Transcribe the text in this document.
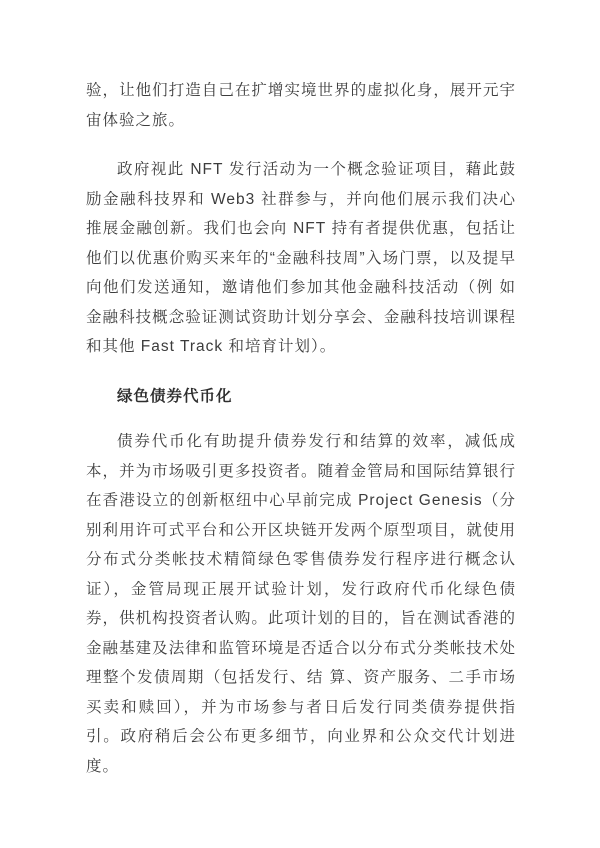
验，让他们打造自己在扩增实境世界的虚拟化身，展开元宇宙体验之旅。

政府视此 NFT 发行活动为一个概念验证项目，藉此鼓励金融科技界和 Web3 社群参与，并向他们展示我们决心推展金融创新。我们也会向 NFT 持有者提供优惠，包括让他们以优惠价购买来年的“金融科技周”入场门票，以及提早向他们发送通知，邀请他们参加其他金融科技活动（例 如金融科技概念验证测试资助计划分享会、金融科技培训课程和其他 Fast Track 和培育计划）。

绿色债券代币化

债券代币化有助提升债券发行和结算的效率，减低成本，并为市场吸引更多投资者。随着金管局和国际结算银行在香港设立的创新枢纽中心早前完成 Project Genesis（分别利用许可式平台和公开区块链开发两个原型项目，就使用分布式分类帐技术精简绿色零售债券发行程序进行概念认证），金管局现正展开试验计划，发行政府代币化绿色债券，供机构投资者认购。此项计划的目的，旨在测试香港的金融基建及法律和监管环境是否适合以分布式分类帐技术处理整个发债周期（包括发行、结 算、资产服务、二手市场买卖和赎回），并为市场参与者日后发行同类债券提供指引。政府稍后会公布更多细节，向业界和公众交代计划进度。
